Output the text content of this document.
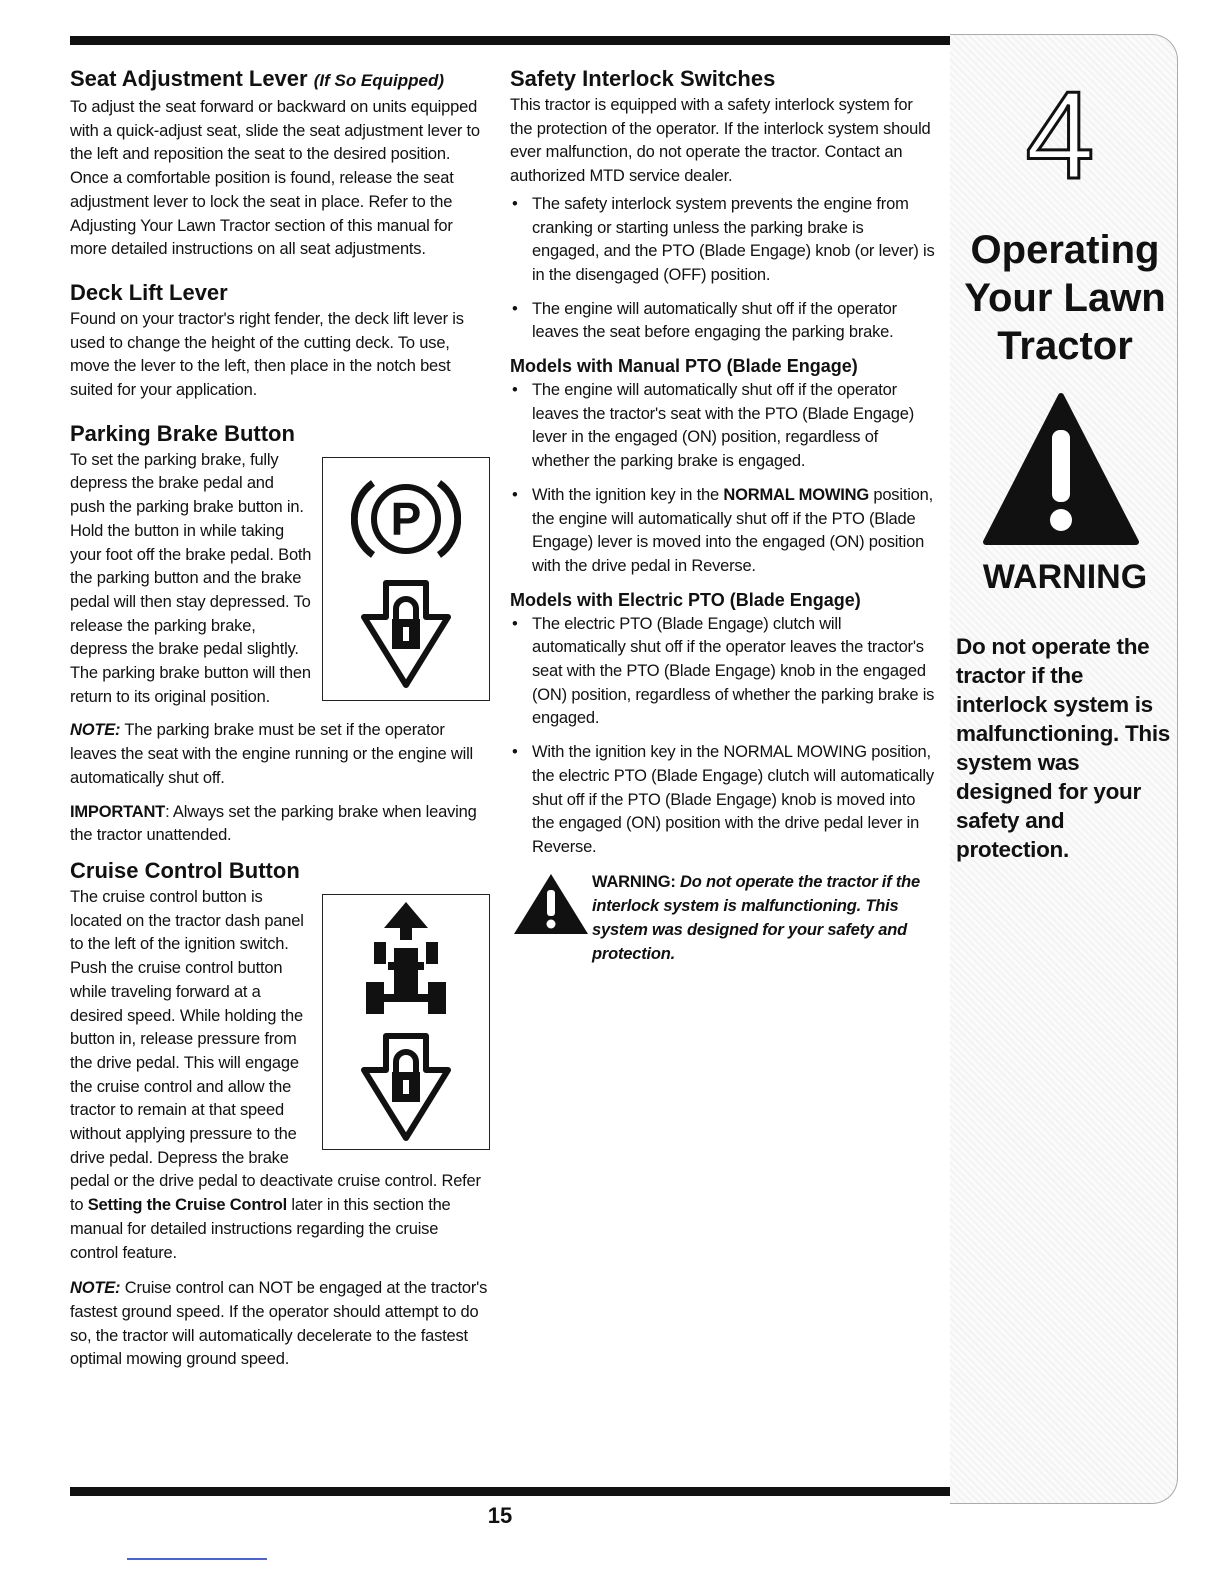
Seat Adjustment Lever (If So Equipped)

To adjust the seat forward or backward on units equipped with a quick-adjust seat, slide the seat adjustment lever to the left and reposition the seat to the desired position. Once a comfortable position is found, release the seat adjustment lever to lock the seat in place. Refer to the Adjusting Your Lawn Tractor section of this manual for more detailed instructions on all seat adjustments.

Deck Lift Lever

Found on your tractor's right fender, the deck lift lever is used to change the height of the cutting deck. To use, move the lever to the left, then place in the notch best suited for your application.

Parking Brake Button
P

To set the parking brake, fully depress the brake pedal and push the parking brake button in. Hold the button in while taking your foot off the brake pedal. Both the parking button and the brake pedal will then stay depressed. To release the parking brake, depress the brake pedal slightly. The parking brake button will then return to its original position.

NOTE: The parking brake must be set if the operator leaves the seat with the engine running or the engine will automatically shut off.

IMPORTANT: Always set the parking brake when leaving the tractor unattended.

Cruise Control Button

The cruise control button is located on the tractor dash panel to the left of the ignition switch. Push the cruise control button while traveling forward at a desired speed. While holding the button in, release pressure from the drive pedal. This will engage the cruise control and allow the tractor to remain at that speed without applying pressure to the drive pedal. Depress the brake pedal or the drive pedal to deactivate cruise control. Refer to Setting the Cruise Control later in this section the manual for detailed instructions regarding the cruise control feature.

NOTE: Cruise control can NOT be engaged at the tractor's fastest ground speed. If the operator should attempt to do so, the tractor will automatically decelerate to the fastest optimal mowing ground speed.

Safety Interlock Switches

This tractor is equipped with a safety interlock system for the protection of the operator. If the interlock system should ever malfunction, do not operate the tractor. Contact an authorized MTD service dealer.

• The safety interlock system prevents the engine from cranking or starting unless the parking brake is engaged, and the PTO (Blade Engage) knob (or lever) is in the disengaged (OFF) position.
• The engine will automatically shut off if the operator leaves the seat before engaging the parking brake.
Models with Manual PTO (Blade Engage)
• The engine will automatically shut off if the operator leaves the tractor's seat with the PTO (Blade Engage) lever in the engaged (ON) position, regardless of whether the parking brake is engaged.
• With the ignition key in the NORMAL MOWING position, the engine will automatically shut off if the PTO (Blade Engage) lever is moved into the engaged (ON) position with the drive pedal in Reverse.
Models with Electric PTO (Blade Engage)
• The electric PTO (Blade Engage) clutch will automatically shut off if the operator leaves the tractor's seat with the PTO (Blade Engage) knob in the engaged (ON) position, regardless of whether the parking brake is engaged.
• With the ignition key in the NORMAL MOWING position, the electric PTO (Blade Engage) clutch will automatically shut off if the PTO (Blade Engage) knob is moved into the engaged (ON) position with the drive pedal lever in Reverse.

WARNING: Do not operate the tractor if the interlock system is malfunctioning. This system was designed for your safety and protection.

4
Operating
Your Lawn
Tractor
WARNING
Do not operate the tractor if the interlock system is malfunctioning. This system was designed for your safety and protection.
15
